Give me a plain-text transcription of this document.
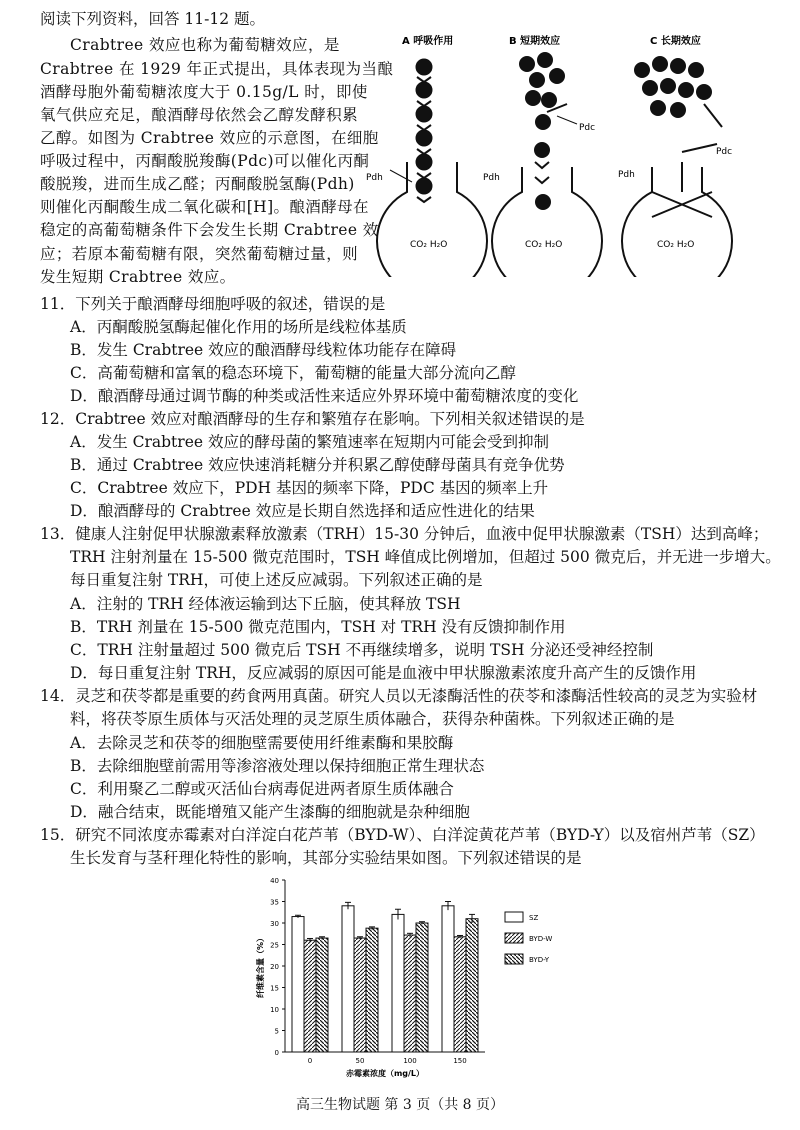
阅读下列资料，回答 11-12 题。
Crabtree 效应也称为葡萄糖效应，是
Crabtree 在 1929 年正式提出，具体表现为当酿
酒酵母胞外葡萄糖浓度大于 0.15g/L 时，即使
氧气供应充足，酿酒酵母依然会乙醇发酵积累
乙醇。如图为 Crabtree 效应的示意图，在细胞
呼吸过程中，丙酮酸脱羧酶(Pdc)可以催化丙酮
酸脱羧，进而生成乙醛；丙酮酸脱氢酶(Pdh)
则催化丙酮酸生成二氧化碳和[H]。酿酒酵母在
稳定的高葡萄糖条件下会发生长期 Crabtree 效
应；若原本葡萄糖有限，突然葡萄糖过量，则
发生短期 Crabtree 效应。
A 呼吸作用
Pdh
CO₂ H₂O
B 短期效应
Pdh
Pdc
CO₂ H₂O
C 长期效应
Pdh
Pdc
CO₂ H₂O
11．下列关于酿酒酵母细胞呼吸的叙述，错误的是
A．丙酮酸脱氢酶起催化作用的场所是线粒体基质
B．发生 Crabtree 效应的酿酒酵母线粒体功能存在障碍
C．高葡萄糖和富氧的稳态环境下，葡萄糖的能量大部分流向乙醇
D．酿酒酵母通过调节酶的种类或活性来适应外界环境中葡萄糖浓度的变化
12．Crabtree 效应对酿酒酵母的生存和繁殖存在影响。下列相关叙述错误的是
A．发生 Crabtree 效应的酵母菌的繁殖速率在短期内可能会受到抑制
B．通过 Crabtree 效应快速消耗糖分并积累乙醇使酵母菌具有竞争优势
C．Crabtree 效应下，PDH 基因的频率下降，PDC 基因的频率上升
D．酿酒酵母的 Crabtree 效应是长期自然选择和适应性进化的结果
13．健康人注射促甲状腺激素释放激素（TRH）15-30 分钟后，血液中促甲状腺激素（TSH）达到高峰；
TRH 注射剂量在 15-500 微克范围时，TSH 峰值成比例增加，但超过 500 微克后，并无进一步增大。
每日重复注射 TRH，可使上述反应减弱。下列叙述正确的是
A．注射的 TRH 经体液运输到达下丘脑，使其释放 TSH
B．TRH 剂量在 15-500 微克范围内，TSH 对 TRH 没有反馈抑制作用
C．TRH 注射量超过 500 微克后 TSH 不再继续增多，说明 TSH 分泌还受神经控制
D．每日重复注射 TRH，反应减弱的原因可能是血液中甲状腺激素浓度升高产生的反馈作用
14．灵芝和茯苓都是重要的药食两用真菌。研究人员以无漆酶活性的茯苓和漆酶活性较高的灵芝为实验材
料，将茯苓原生质体与灭活处理的灵芝原生质体融合，获得杂种菌株。下列叙述正确的是
A．去除灵芝和茯苓的细胞壁需要使用纤维素酶和果胶酶
B．去除细胞壁前需用等渗溶液处理以保持细胞正常生理状态
C．利用聚乙二醇或灭活仙台病毒促进两者原生质体融合
D．融合结束，既能增殖又能产生漆酶的细胞就是杂种细胞
15．研究不同浓度赤霉素对白洋淀白花芦苇（BYD-W）、白洋淀黄花芦苇（BYD-Y）以及宿州芦苇（SZ）
生长发育与茎秆理化特性的影响，其部分实验结果如图。下列叙述错误的是
0
5
10
15
20
25
30
35
40
纤维素含量（%）
0	50	100	150
赤霉素浓度（mg/L）
SZ
BYD-W
BYD-Y
高三生物试题 第 3 页（共 8 页）
